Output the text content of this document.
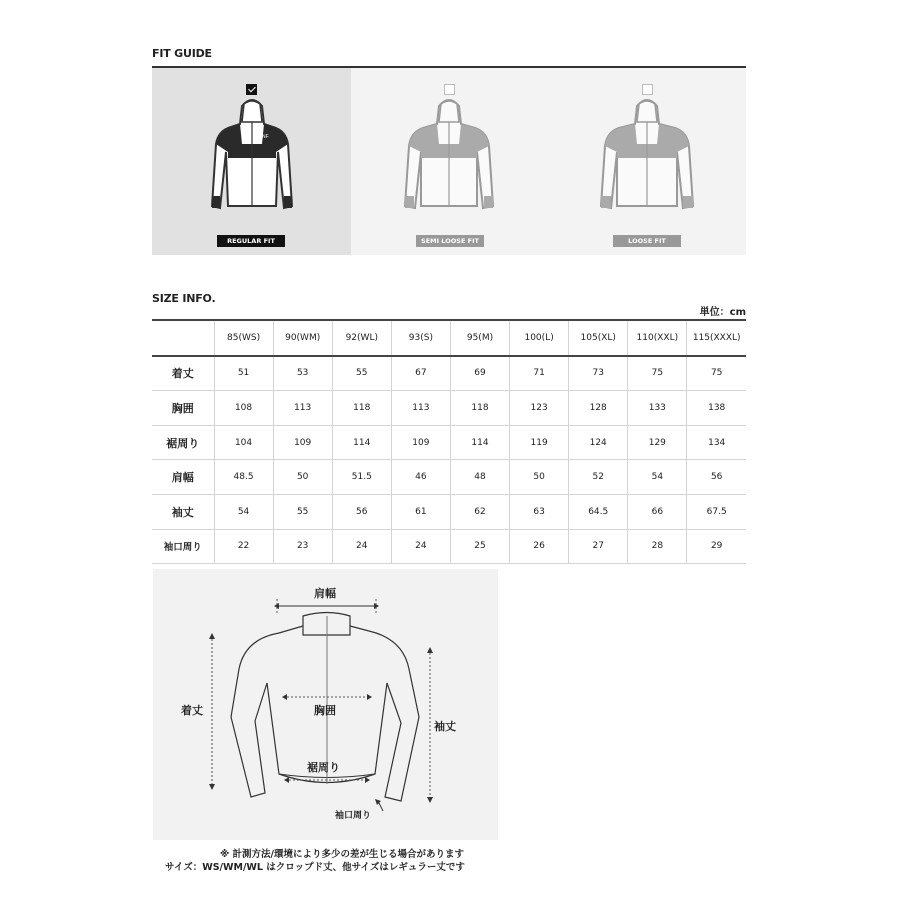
FIT GUIDE
TNF
REGULAR FIT	SEMI LOOSE FIT	LOOSE FIT
SIZE INFO.
単位：cm
	85(WS)	90(WM)	92(WL)	93(S)	95(M)	100(L)	105(XL)	110(XXL)	115(XXXL)
着丈	51	53	55	67	69	71	73	75	75
胸囲	108	113	118	113	118	123	128	133	138
裾周り	104	109	114	109	114	119	124	129	134
肩幅	48.5	50	51.5	46	48	50	52	54	56
袖丈	54	55	56	61	62	63	64.5	66	67.5
袖口周り	22	23	24	24	25	26	27	28	29
肩幅
着丈	胸囲
裾周り
袖丈
袖口周り
※ 計測方法/環境により多少の差が生じる場合があります
サイズ：WS/WM/WL はクロップド丈、他サイズはレギュラー丈です
